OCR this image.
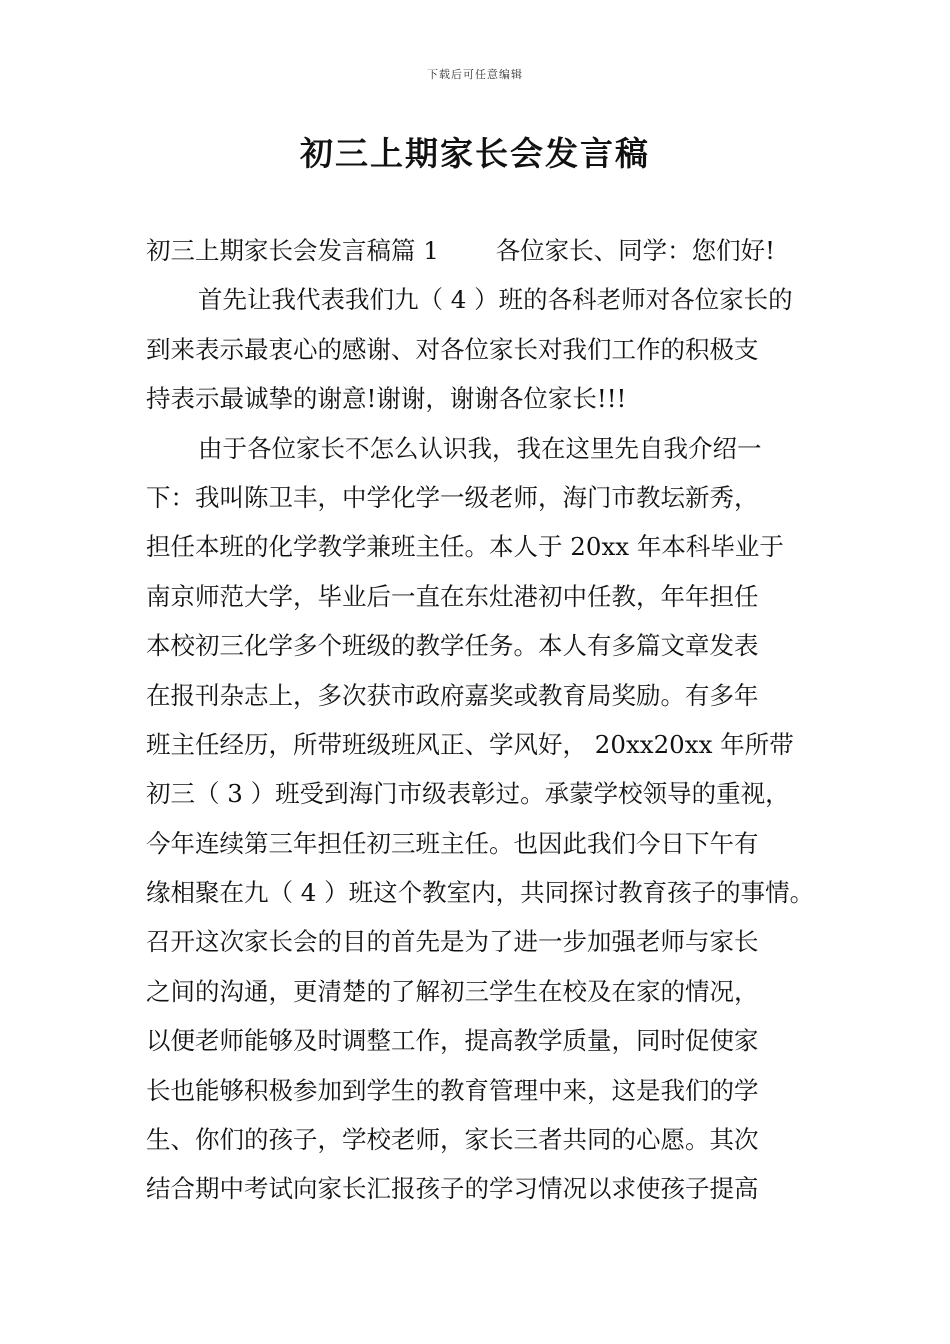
下载后可任意编辑
初三上期家长会发言稿
初三上期家长会发言稿篇 1　　 各位家长、同学：您们好!
首先让我代表我们九（ 4 ）班的各科老师对各位家长的
到来表示最衷心的感谢、对各位家长对我们工作的积极支
持表示最诚挚的谢意!谢谢，谢谢各位家长!!!
由于各位家长不怎么认识我，我在这里先自我介绍一
下：我叫陈卫丰，中学化学一级老师，海门市教坛新秀，
担任本班的化学教学兼班主任。本人于 20xx 年本科毕业于
南京师范大学，毕业后一直在东灶港初中任教，年年担任
本校初三化学多个班级的教学任务。本人有多篇文章发表
在报刊杂志上，多次获市政府嘉奖或教育局奖励。有多年
班主任经历，所带班级班风正、学风好， 20xx20xx 年所带
初三（ 3 ）班受到海门市级表彰过。承蒙学校领导的重视，
今年连续第三年担任初三班主任。也因此我们今日下午有
缘相聚在九（ 4 ）班这个教室内，共同探讨教育孩子的事情。
召开这次家长会的目的首先是为了进一步加强老师与家长
之间的沟通，更清楚的了解初三学生在校及在家的情况，
以便老师能够及时调整工作，提高教学质量，同时促使家
长也能够积极参加到学生的教育管理中来，这是我们的学
生、你们的孩子，学校老师，家长三者共同的心愿。其次
结合期中考试向家长汇报孩子的学习情况以求使孩子提高
